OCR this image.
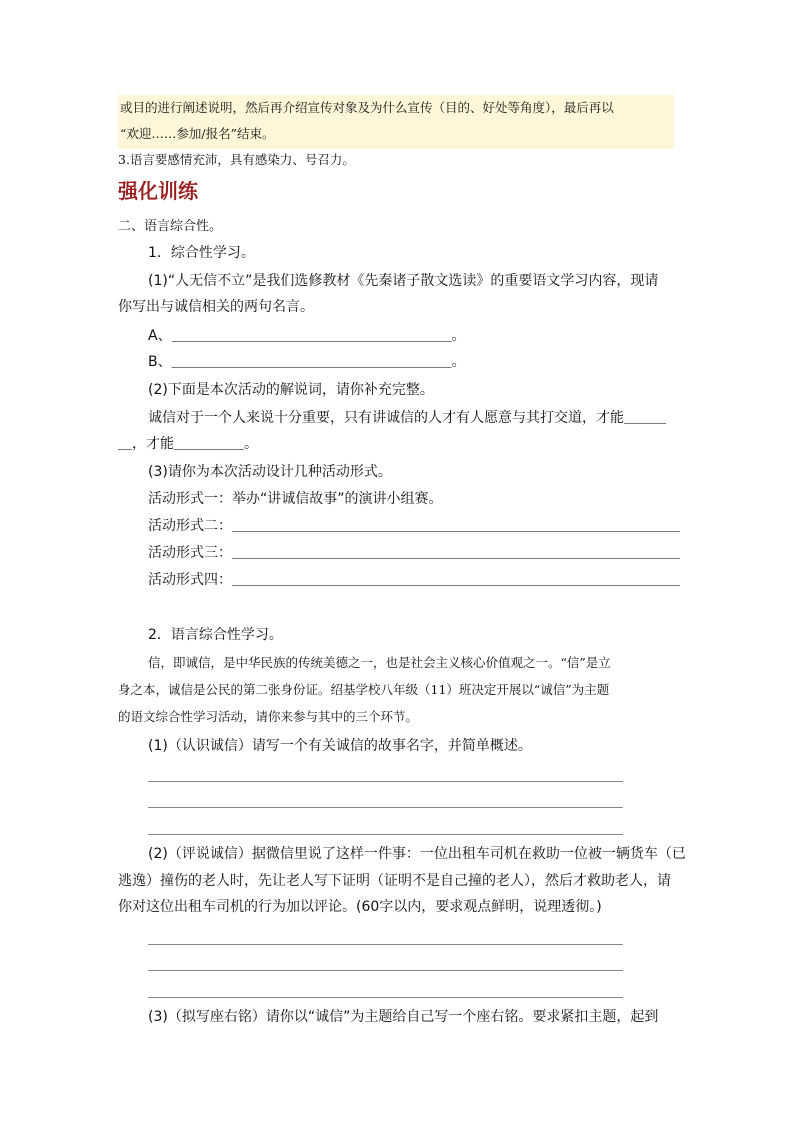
或目的进行阐述说明，然后再介绍宣传对象及为什么宣传（目的、好处等角度），最后再以
“欢迎……参加/报名”结束。
3.语言要感情充沛，具有感染力、号召力。
强化训练
二、语言综合性。
1．综合性学习。
(1)“人无信不立”是我们选修教材《先秦诸子散文选读》的重要语文学习内容，现请
你写出与诚信相关的两句名言。
A、＿＿＿＿＿＿＿＿＿＿＿＿＿＿＿＿＿＿＿＿。
B、＿＿＿＿＿＿＿＿＿＿＿＿＿＿＿＿＿＿＿＿。
(2)下面是本次活动的解说词，请你补充完整。
诚信对于一个人来说十分重要，只有讲诚信的人才有人愿意与其打交道，才能＿＿＿
＿，才能＿＿＿＿＿。
(3)请你为本次活动设计几种活动形式。
活动形式一：举办“讲诚信故事”的演讲小组赛。
活动形式二：＿＿＿＿＿＿＿＿＿＿＿＿＿＿＿＿＿＿＿＿＿＿＿＿＿＿＿＿＿＿＿＿
活动形式三：＿＿＿＿＿＿＿＿＿＿＿＿＿＿＿＿＿＿＿＿＿＿＿＿＿＿＿＿＿＿＿＿
活动形式四：＿＿＿＿＿＿＿＿＿＿＿＿＿＿＿＿＿＿＿＿＿＿＿＿＿＿＿＿＿＿＿＿
2．语言综合性学习。
信，即诚信，是中华民族的传统美德之一，也是社会主义核心价值观之一。“信”是立
身之本，诚信是公民的第二张身份证。绍基学校八年级（11）班决定开展以“诚信”为主题
的语文综合性学习活动，请你来参与其中的三个环节。
(1)（认识诚信）请写一个有关诚信的故事名字，并简单概述。
＿＿＿＿＿＿＿＿＿＿＿＿＿＿＿＿＿＿＿＿＿＿＿＿＿＿＿＿＿＿＿＿＿＿＿＿＿＿
＿＿＿＿＿＿＿＿＿＿＿＿＿＿＿＿＿＿＿＿＿＿＿＿＿＿＿＿＿＿＿＿＿＿＿＿＿＿
＿＿＿＿＿＿＿＿＿＿＿＿＿＿＿＿＿＿＿＿＿＿＿＿＿＿＿＿＿＿＿＿＿＿＿＿＿＿
(2)（评说诚信）据微信里说了这样一件事：一位出租车司机在救助一位被一辆货车（已
逃逸）撞伤的老人时，先让老人写下证明（证明不是自己撞的老人），然后才救助老人，请
你对这位出租车司机的行为加以评论。(60字以内，要求观点鲜明，说理透彻。)
＿＿＿＿＿＿＿＿＿＿＿＿＿＿＿＿＿＿＿＿＿＿＿＿＿＿＿＿＿＿＿＿＿＿＿＿＿＿
＿＿＿＿＿＿＿＿＿＿＿＿＿＿＿＿＿＿＿＿＿＿＿＿＿＿＿＿＿＿＿＿＿＿＿＿＿＿
＿＿＿＿＿＿＿＿＿＿＿＿＿＿＿＿＿＿＿＿＿＿＿＿＿＿＿＿＿＿＿＿＿＿＿＿＿＿
(3)（拟写座右铭）请你以“诚信”为主题给自己写一个座右铭。要求紧扣主题，起到
